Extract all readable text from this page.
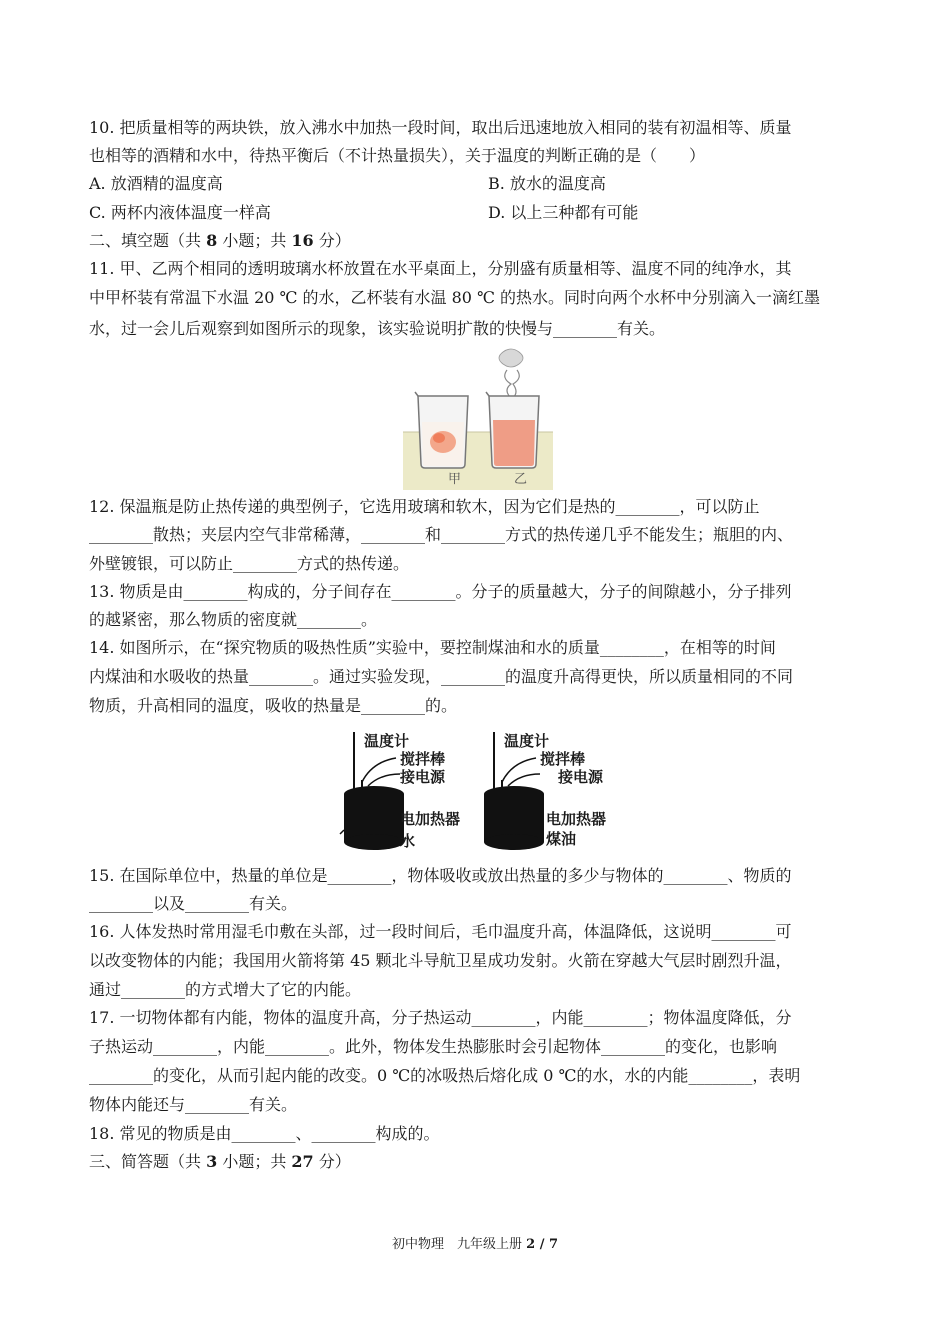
10. 把质量相等的两块铁，放入沸水中加热一段时间，取出后迅速地放入相同的装有初温相等、质量
也相等的酒精和水中，待热平衡后（不计热量损失），关于温度的判断正确的是（　　）
A. 放酒精的温度高	B. 放水的温度高
C. 两杯内液体温度一样高	D. 以上三种都有可能
二、填空题（共 8 小题；共 16 分）
11. 甲、乙两个相同的透明玻璃水杯放置在水平桌面上，分别盛有质量相等、温度不同的纯净水，其
中甲杯装有常温下水温 20 ℃ 的水，乙杯装有水温 80 ℃ 的热水。同时向两个水杯中分别滴入一滴红墨
水，过一会儿后观察到如图所示的现象，该实验说明扩散的快慢与________有关。
甲	乙
12. 保温瓶是防止热传递的典型例子，它选用玻璃和软木，因为它们是热的________，可以防止
________散热；夹层内空气非常稀薄，________和________方式的热传递几乎不能发生；瓶胆的内、
外壁镀银，可以防止________方式的热传递。
13. 物质是由________构成的，分子间存在________。分子的质量越大，分子的间隙越小，分子排列
的越紧密，那么物质的密度就________。
14. 如图所示，在“探究物质的吸热性质”实验中，要控制煤油和水的质量________，在相等的时间
内煤油和水吸收的热量________。通过实验发现，________的温度升高得更快，所以质量相同的不同
物质，升高相同的温度，吸收的热量是________的。
温度计
搅拌棒
接电源
电加热器
水
温度计
搅拌棒
接电源
电加热器
煤油
15. 在国际单位中，热量的单位是________，物体吸收或放出热量的多少与物体的________、物质的
________以及________有关。
16. 人体发热时常用湿毛巾敷在头部，过一段时间后，毛巾温度升高，体温降低，这说明________可
以改变物体的内能；我国用火箭将第 45 颗北斗导航卫星成功发射。火箭在穿越大气层时剧烈升温，
通过________的方式增大了它的内能。
17. 一切物体都有内能，物体的温度升高，分子热运动________，内能________；物体温度降低，分
子热运动________，内能________。此外，物体发生热膨胀时会引起物体________的变化，也影响
________的变化，从而引起内能的改变。0 ℃的冰吸热后熔化成 0 ℃的水，水的内能________，表明
物体内能还与________有关。
18. 常见的物质是由________、________构成的。
三、简答题（共 3 小题；共 27 分）
初中物理　九年级上册 2 / 7
